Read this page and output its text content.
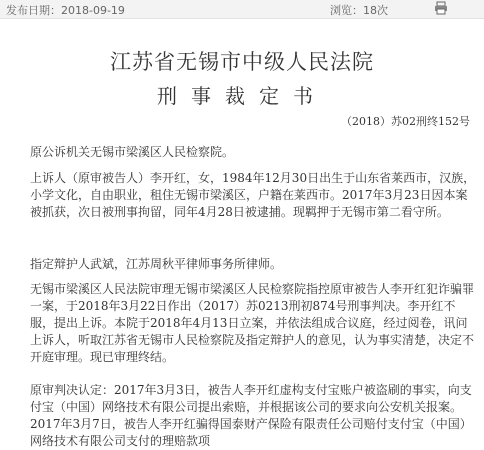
发布日期：2018-09-19	浏览：18次
江苏省无锡市中级人民法院
刑事裁定书
（2018）苏02刑终152号

原公诉机关无锡市梁溪区人民检察院。

上诉人（原审被告人）李开红，女，1984年12月30日出生于山东省莱西市，汉族，小学文化，自由职业，租住无锡市梁溪区，户籍在莱西市。2017年3月23日因本案被抓获，次日被刑事拘留，同年4月28日被逮捕。现羁押于无锡市第二看守所。

指定辩护人武斌，江苏周秋平律师事务所律师。

无锡市梁溪区人民法院审理无锡市梁溪区人民检察院指控原审被告人李开红犯诈骗罪一案，于2018年3月22日作出（2017）苏0213刑初874号刑事判决。李开红不服，提出上诉。本院于2018年4月13日立案，并依法组成合议庭，经过阅卷，讯问上诉人，听取江苏省无锡市人民检察院及指定辩护人的意见，认为事实清楚，决定不开庭审理。现已审理终结。

原审判决认定：2017年3月3日，被告人李开红虚构支付宝账户被盗刷的事实，向支付宝（中国）网络技术有限公司提出索赔，并根据该公司的要求向公安机关报案。2017年3月7日，被告人李开红骗得国泰财产保险有限责任公司赔付支付宝（中国）网络技术有限公司支付的理赔款项
